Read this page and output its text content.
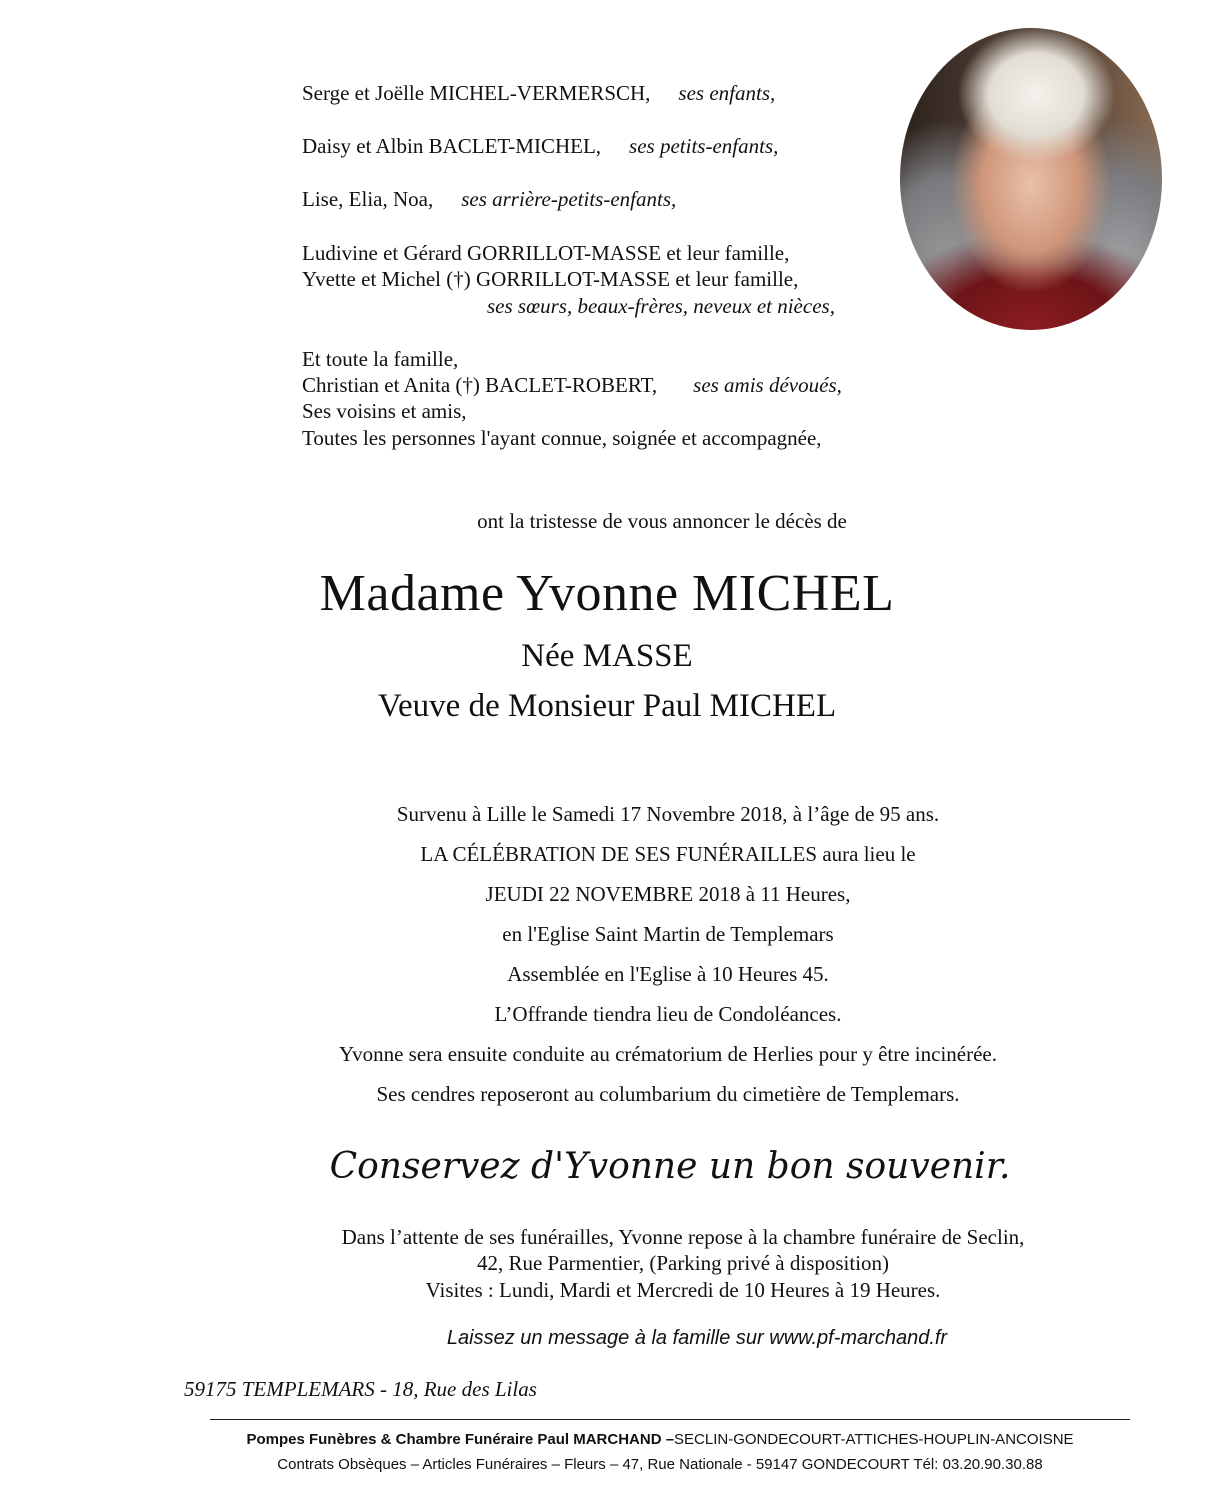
Serge et Joëlle MICHEL-VERMERSCH, ses enfants,
Daisy et Albin BACLET-MICHEL, ses petits-enfants,
Lise, Elia, Noa, ses arrière-petits-enfants,
Ludivine et Gérard GORRILLOT-MASSE et leur famille,
Yvette et Michel (†) GORRILLOT-MASSE et leur famille,
ses sœurs, beaux-frères, neveux et nièces,
Et toute la famille,
Christian et Anita (†) BACLET-ROBERT, ses amis dévoués,
Ses voisins et amis,
Toutes les personnes l'ayant connue, soignée et accompagnée,
ont la tristesse de vous annoncer le décès de
Madame Yvonne MICHEL
Née MASSE
Veuve de Monsieur Paul MICHEL

Survenu à Lille le Samedi 17 Novembre 2018, à l’âge de 95 ans.

LA CÉLÉBRATION DE SES FUNÉRAILLES aura lieu le

JEUDI 22 NOVEMBRE 2018 à 11 Heures,

en l'Eglise Saint Martin de Templemars

Assemblée en l'Eglise à 10 Heures 45.

L’Offrande tiendra lieu de Condoléances.

Yvonne sera ensuite conduite au crématorium de Herlies pour y être incinérée.

Ses cendres reposeront au columbarium du cimetière de Templemars.

Conservez d'Yvonne un bon souvenir.
Dans l’attente de ses funérailles, Yvonne repose à la chambre funéraire de Seclin,
42, Rue Parmentier, (Parking privé à disposition)
Visites : Lundi, Mardi et Mercredi de 10 Heures à 19 Heures.
Laissez un message à la famille sur www.pf-marchand.fr
59175 TEMPLEMARS - 18, Rue des Lilas
Pompes Funèbres & Chambre Funéraire Paul MARCHAND –SECLIN-GONDECOURT-ATTICHES-HOUPLIN-ANCOISNE
Contrats Obsèques – Articles Funéraires – Fleurs – 47, Rue Nationale - 59147 GONDECOURT Tél: 03.20.90.30.88
